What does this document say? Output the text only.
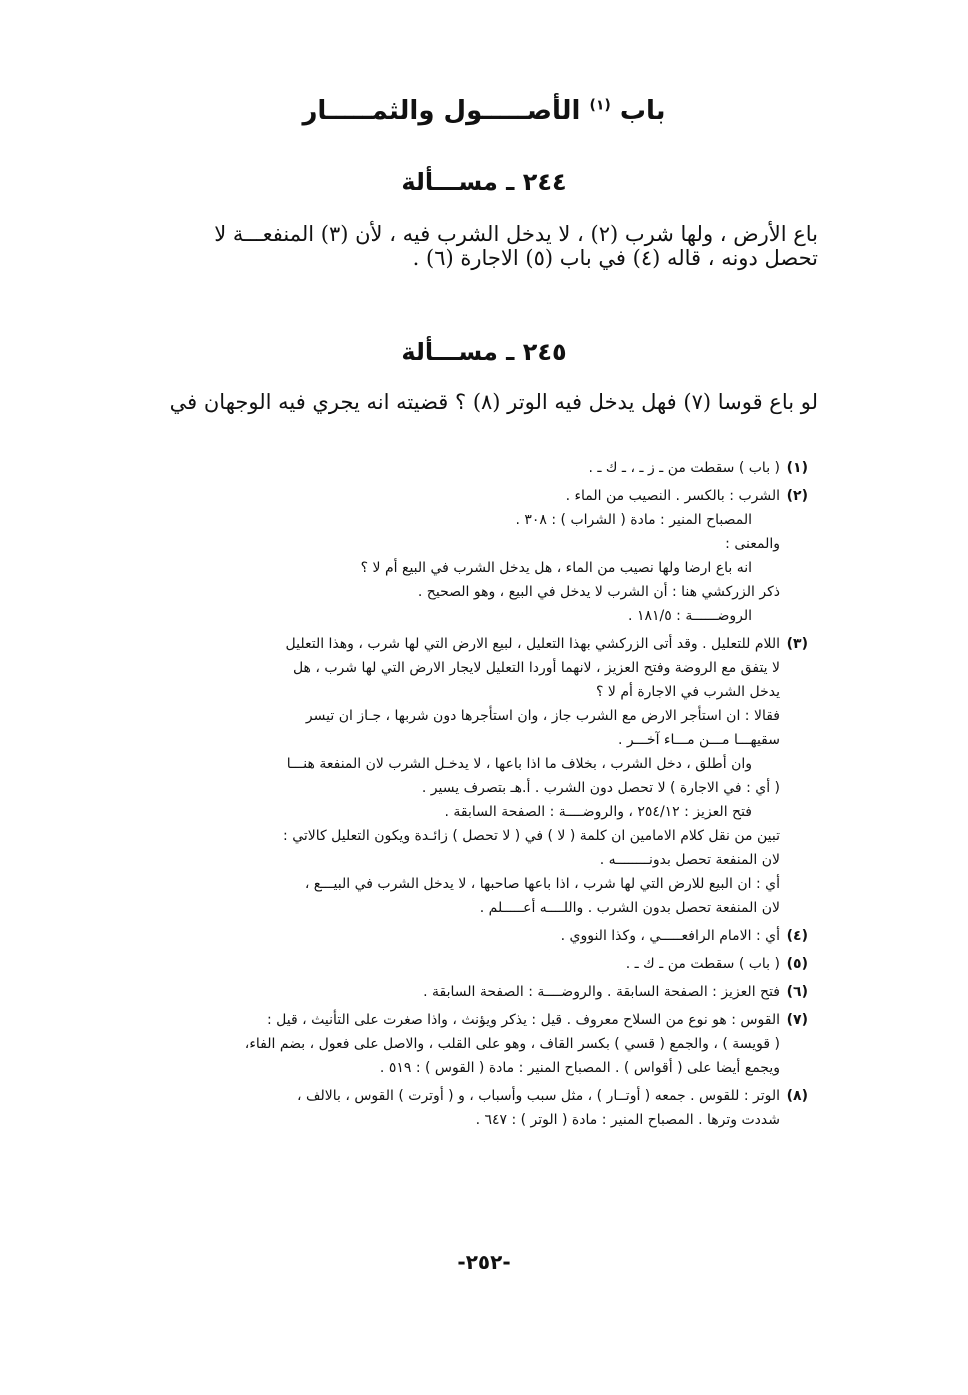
باب $^{(١)}$ الأصـــــول والثمـــــار
٢٤٤ ـ مســـألة
باع الأرض ، ولها شرب (٢) ، لا يدخل الشرب فيه ، لأن (٣) المنفعـــة لا
تحصل دونه ، قاله (٤) في باب (٥) الاجارة (٦) .
٢٤٥ ـ مســـألة
لو باع قوسا (٧) فهل يدخل فيه الوتر (٨) ؟ قضيته انه يجري فيه الوجهان في
(١)
( باب ) سقطت من ـ ز ـ ، ـ ك ـ .
(٢)
الشرب : بالكسر . النصيب من الماء .
المصباح المنير : مادة ( الشراب ) : ٣٠٨ .
والمعنى :
انه باع ارضا ولها نصيب من الماء ، هل يدخل الشرب في البيع أم لا ؟
ذكر الزركشي هنا : أن الشرب لا يدخل في البيع ، وهو الصحيح .
الروضــــــة : ١٨١/٥ .
(٣)
اللام للتعليل . وقد أتى الزركشي بهذا التعليل ، لبيع الارض التي لها شرب ، وهذا التعليل
لا يتفق مع الروضة وفتح العزيز ، لانهما أوردا التعليل لايجار الارض التي لها شرب ، هل
يدخل الشرب في الاجارة أم لا ؟
فقالا : ان استأجر الارض مع الشرب جاز ، وان استأجرها دون شربها ، جـاز ان تيسر
سقيهـــا مـــن مـــاء آخـــر .
وان أطلق ، دخل الشرب ، بخلاف ما اذا باعها ، لا يدخـل الشرب لان المنفعة هنـــا
( أي : في الاجارة ) لا تحصل دون الشرب . أ.هـ بتصرف يسير .
فتح العزيز : ٢٥٤/١٢ ، والروضــــة : الصفحة السابقة .
تبين من نقل كلام الامامين ان كلمة ( لا ) في ( لا تحصل ) زائـدة ويكون التعليل كالاتي :
لان المنفعة تحصل بدونــــــــه .
أي : ان البيع للارض التي لها شرب ، اذا باعها صاحبها ، لا يدخل الشرب في البيـــع ،
لان المنفعة تحصل بدون الشرب . واللــــه أعـــــلم .
(٤)
أي : الامام الرافعـــــي ، وكذا النووي .
(٥)
( باب ) سقطت من ـ ك ـ .
(٦)
فتح العزيز : الصفحة السابقة . والروضــــة : الصفحة السابقة .
(٧)
القوس : هو نوع من السلاح معروف . قيل : يذكر ويؤنث ، واذا صغرت على التأنيث ، قيل :
( قويسة ) ، والجمع ( قسي ) بكسر القاف ، وهو على القلب ، والاصل على فعول ، بضم الفاء،
ويجمع أيضا على ( أقواس ) . المصباح المنير : مادة ( القوس ) : ٥١٩ .
(٨)
الوتر : للقوس . جمعه ( أوتــار ) ، مثل سبب وأسباب ، و ( أوترت ) القوس ، بالالف ،
شددت وترها . المصباح المنير : مادة ( الوتر ) : ٦٤٧ .
-٢٥٢-
